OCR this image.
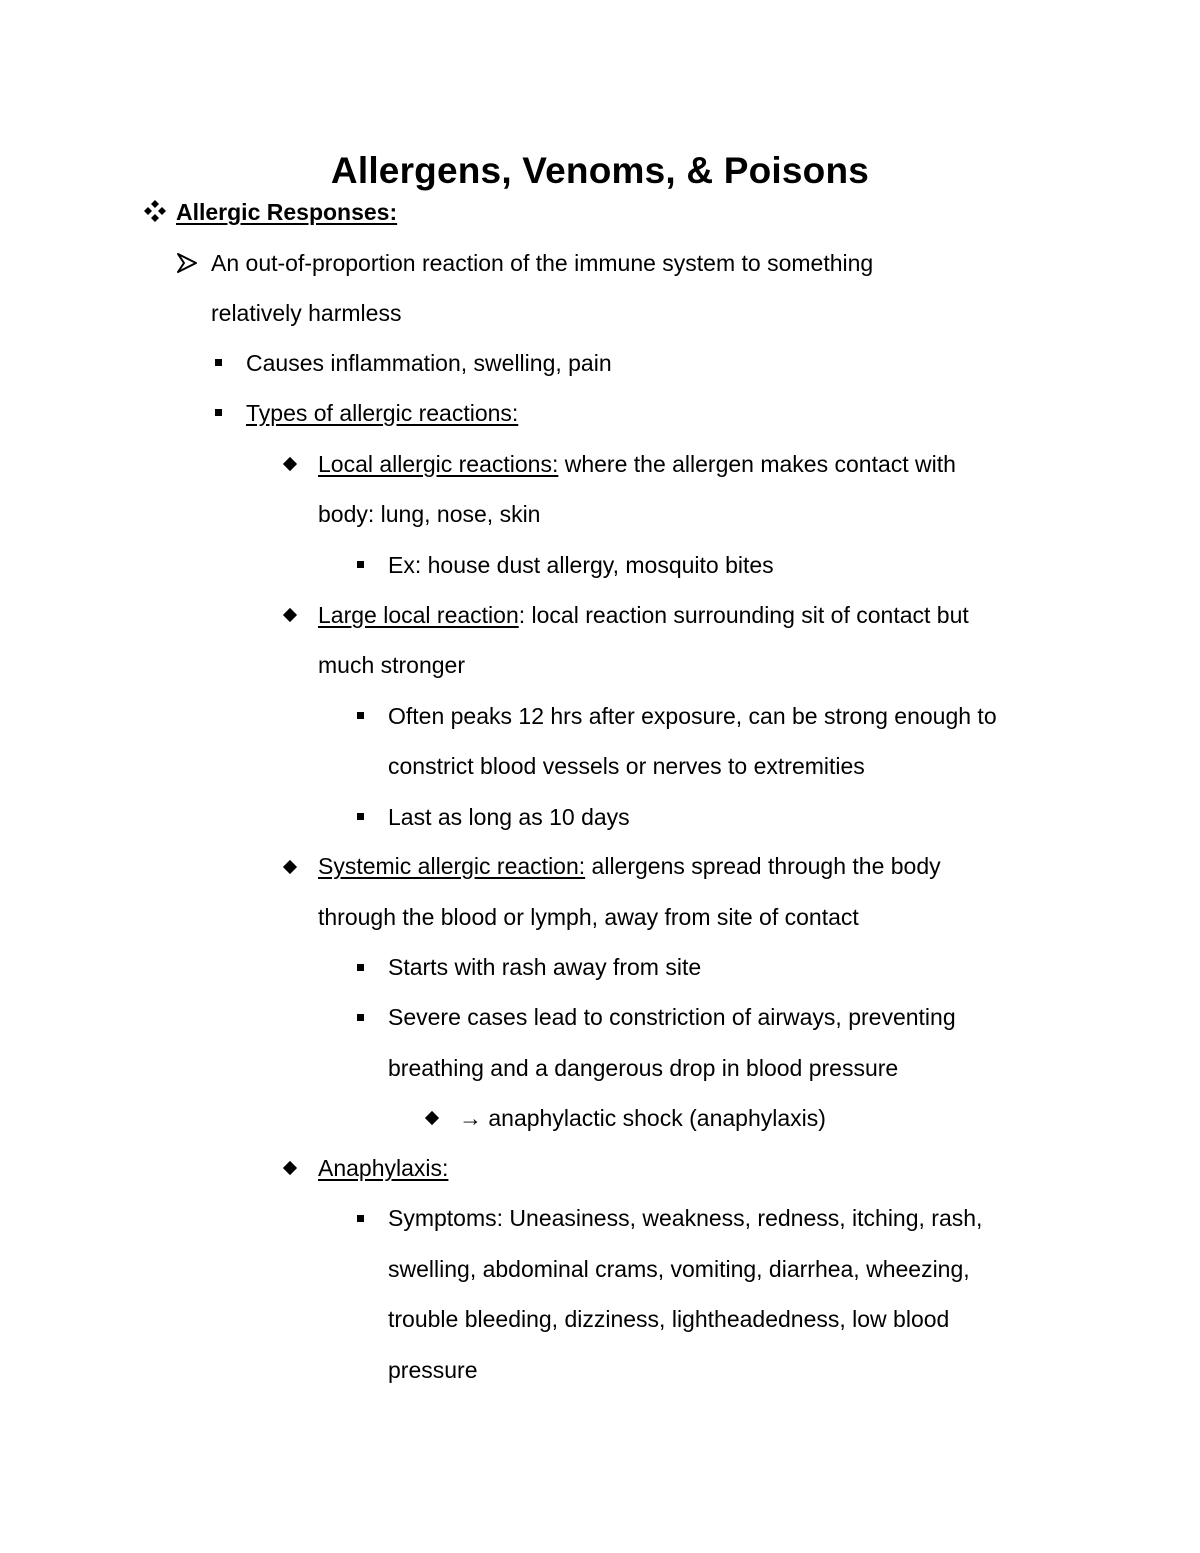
Allergens, Venoms, & Poisons
Allergic Responses:
An out-of-proportion reaction of the immune system to something
relatively harmless
Causes inflammation, swelling, pain
Types of allergic reactions:
Local allergic reactions: where the allergen makes contact with
body: lung, nose, skin
Ex: house dust allergy, mosquito bites
Large local reaction: local reaction surrounding sit of contact but
much stronger
Often peaks 12 hrs after exposure, can be strong enough to
constrict blood vessels or nerves to extremities
Last as long as 10 days
Systemic allergic reaction: allergens spread through the body
through the blood or lymph, away from site of contact
Starts with rash away from site
Severe cases lead to constriction of airways, preventing
breathing and a dangerous drop in blood pressure
→ anaphylactic shock (anaphylaxis)
Anaphylaxis:
Symptoms: Uneasiness, weakness, redness, itching, rash,
swelling, abdominal crams, vomiting, diarrhea, wheezing,
trouble bleeding, dizziness, lightheadedness, low blood
pressure
